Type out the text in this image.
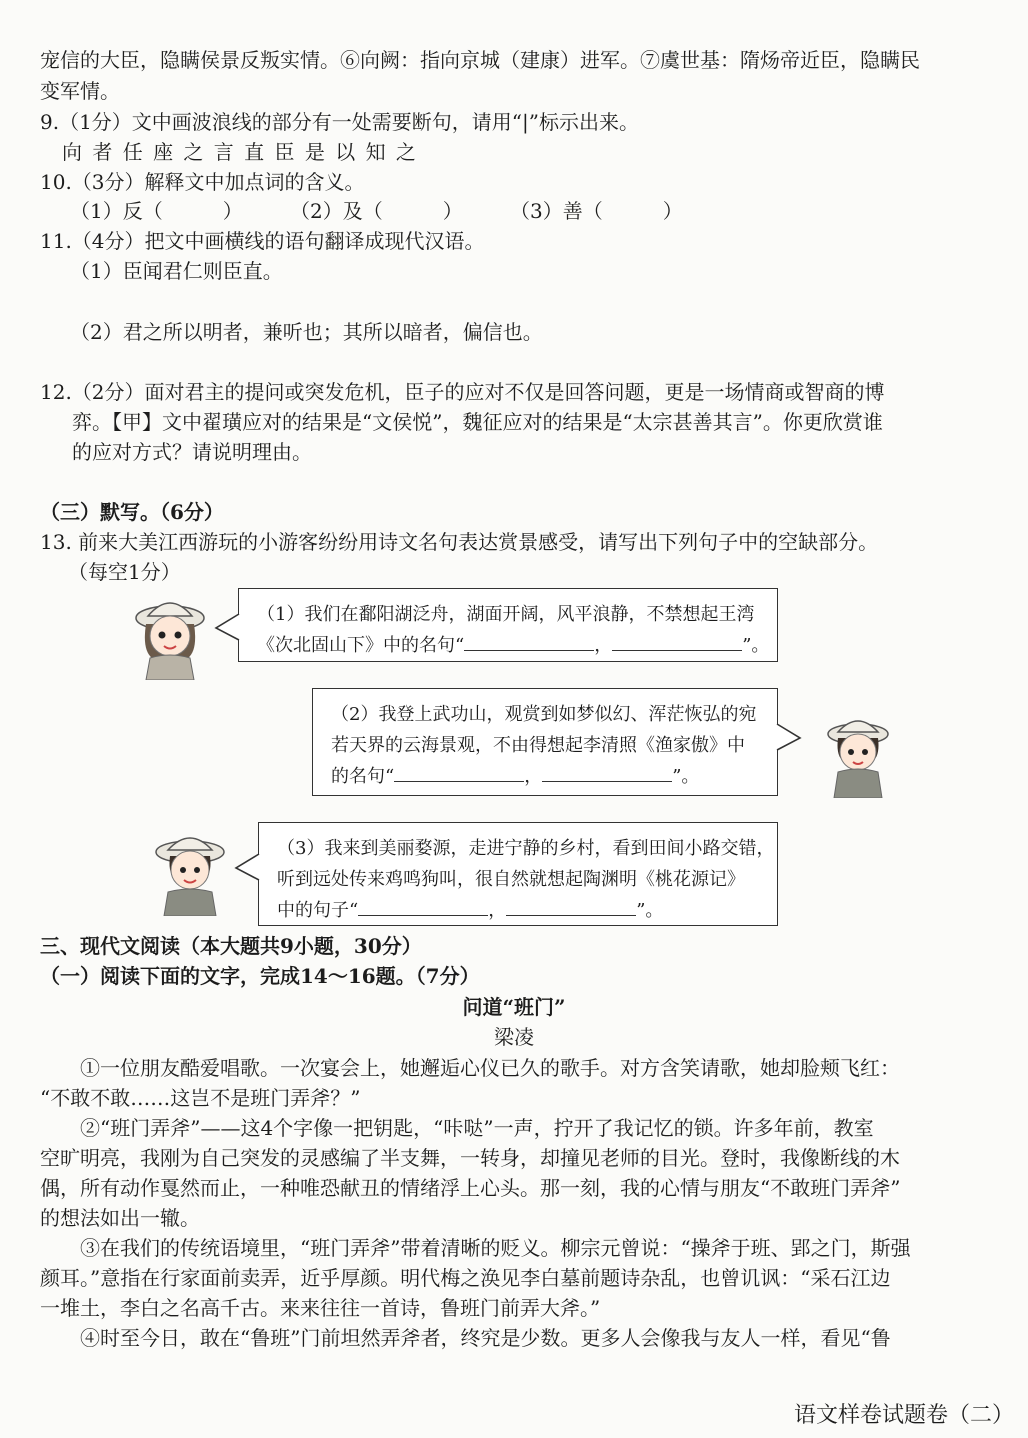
宠信的大臣，隐瞒侯景反叛实情。⑥向阙：指向京城（建康）进军。⑦虞世基：隋炀帝近臣，隐瞒民
变军情。
9.（1分）文中画波浪线的部分有一处需要断句，请用“|”标示出来。
向 者 任 座 之 言 直 臣 是 以 知 之
10.（3分）解释文中加点词的含义。
（1）反（　　　） （2）及（　　　） （3）善（　　　）
11.（4分）把文中画横线的语句翻译成现代汉语。
（1）臣闻君仁则臣直。
（2）君之所以明者，兼听也；其所以暗者，偏信也。
12.（2分）面对君主的提问或突发危机，臣子的应对不仅是回答问题，更是一场情商或智商的博
弈。【甲】文中翟璜应对的结果是“文侯悦”，魏征应对的结果是“太宗甚善其言”。你更欣赏谁
的应对方式？请说明理由。
（三）默写。（6分）
13. 前来大美江西游玩的小游客纷纷用诗文名句表达赏景感受，请写出下列句子中的空缺部分。
（每空1分）
（1）我们在鄱阳湖泛舟，湖面开阔，风平浪静，不禁想起王湾
《次北固山下》中的名句“	，	”。
（2）我登上武功山，观赏到如梦似幻、浑茫恢弘的宛
若天界的云海景观，不由得想起李清照《渔家傲》中
的名句“	，	”。
（3）我来到美丽婺源，走进宁静的乡村，看到田间小路交错，
听到远处传来鸡鸣狗叫，很自然就想起陶渊明《桃花源记》
中的句子“	，	”。
三、现代文阅读（本大题共9小题，30分）
（一）阅读下面的文字，完成14～16题。（7分）
问道“班门”
梁凌
①一位朋友酷爱唱歌。一次宴会上，她邂逅心仪已久的歌手。对方含笑请歌，她却脸颊飞红：
“不敢不敢……这岂不是班门弄斧？”
②“班门弄斧”——这4个字像一把钥匙，“咔哒”一声，拧开了我记忆的锁。许多年前，教室
空旷明亮，我刚为自己突发的灵感编了半支舞，一转身，却撞见老师的目光。登时，我像断线的木
偶，所有动作戛然而止，一种唯恐献丑的情绪浮上心头。那一刻，我的心情与朋友“不敢班门弄斧”
的想法如出一辙。
③在我们的传统语境里，“班门弄斧”带着清晰的贬义。柳宗元曾说：“操斧于班、郢之门，斯强
颜耳。”意指在行家面前卖弄，近乎厚颜。明代梅之涣见李白墓前题诗杂乱，也曾讥讽：“采石江边
一堆土，李白之名高千古。来来往往一首诗，鲁班门前弄大斧。”
④时至今日，敢在“鲁班”门前坦然弄斧者，终究是少数。更多人会像我与友人一样，看见“鲁
语文样卷试题卷（二）
